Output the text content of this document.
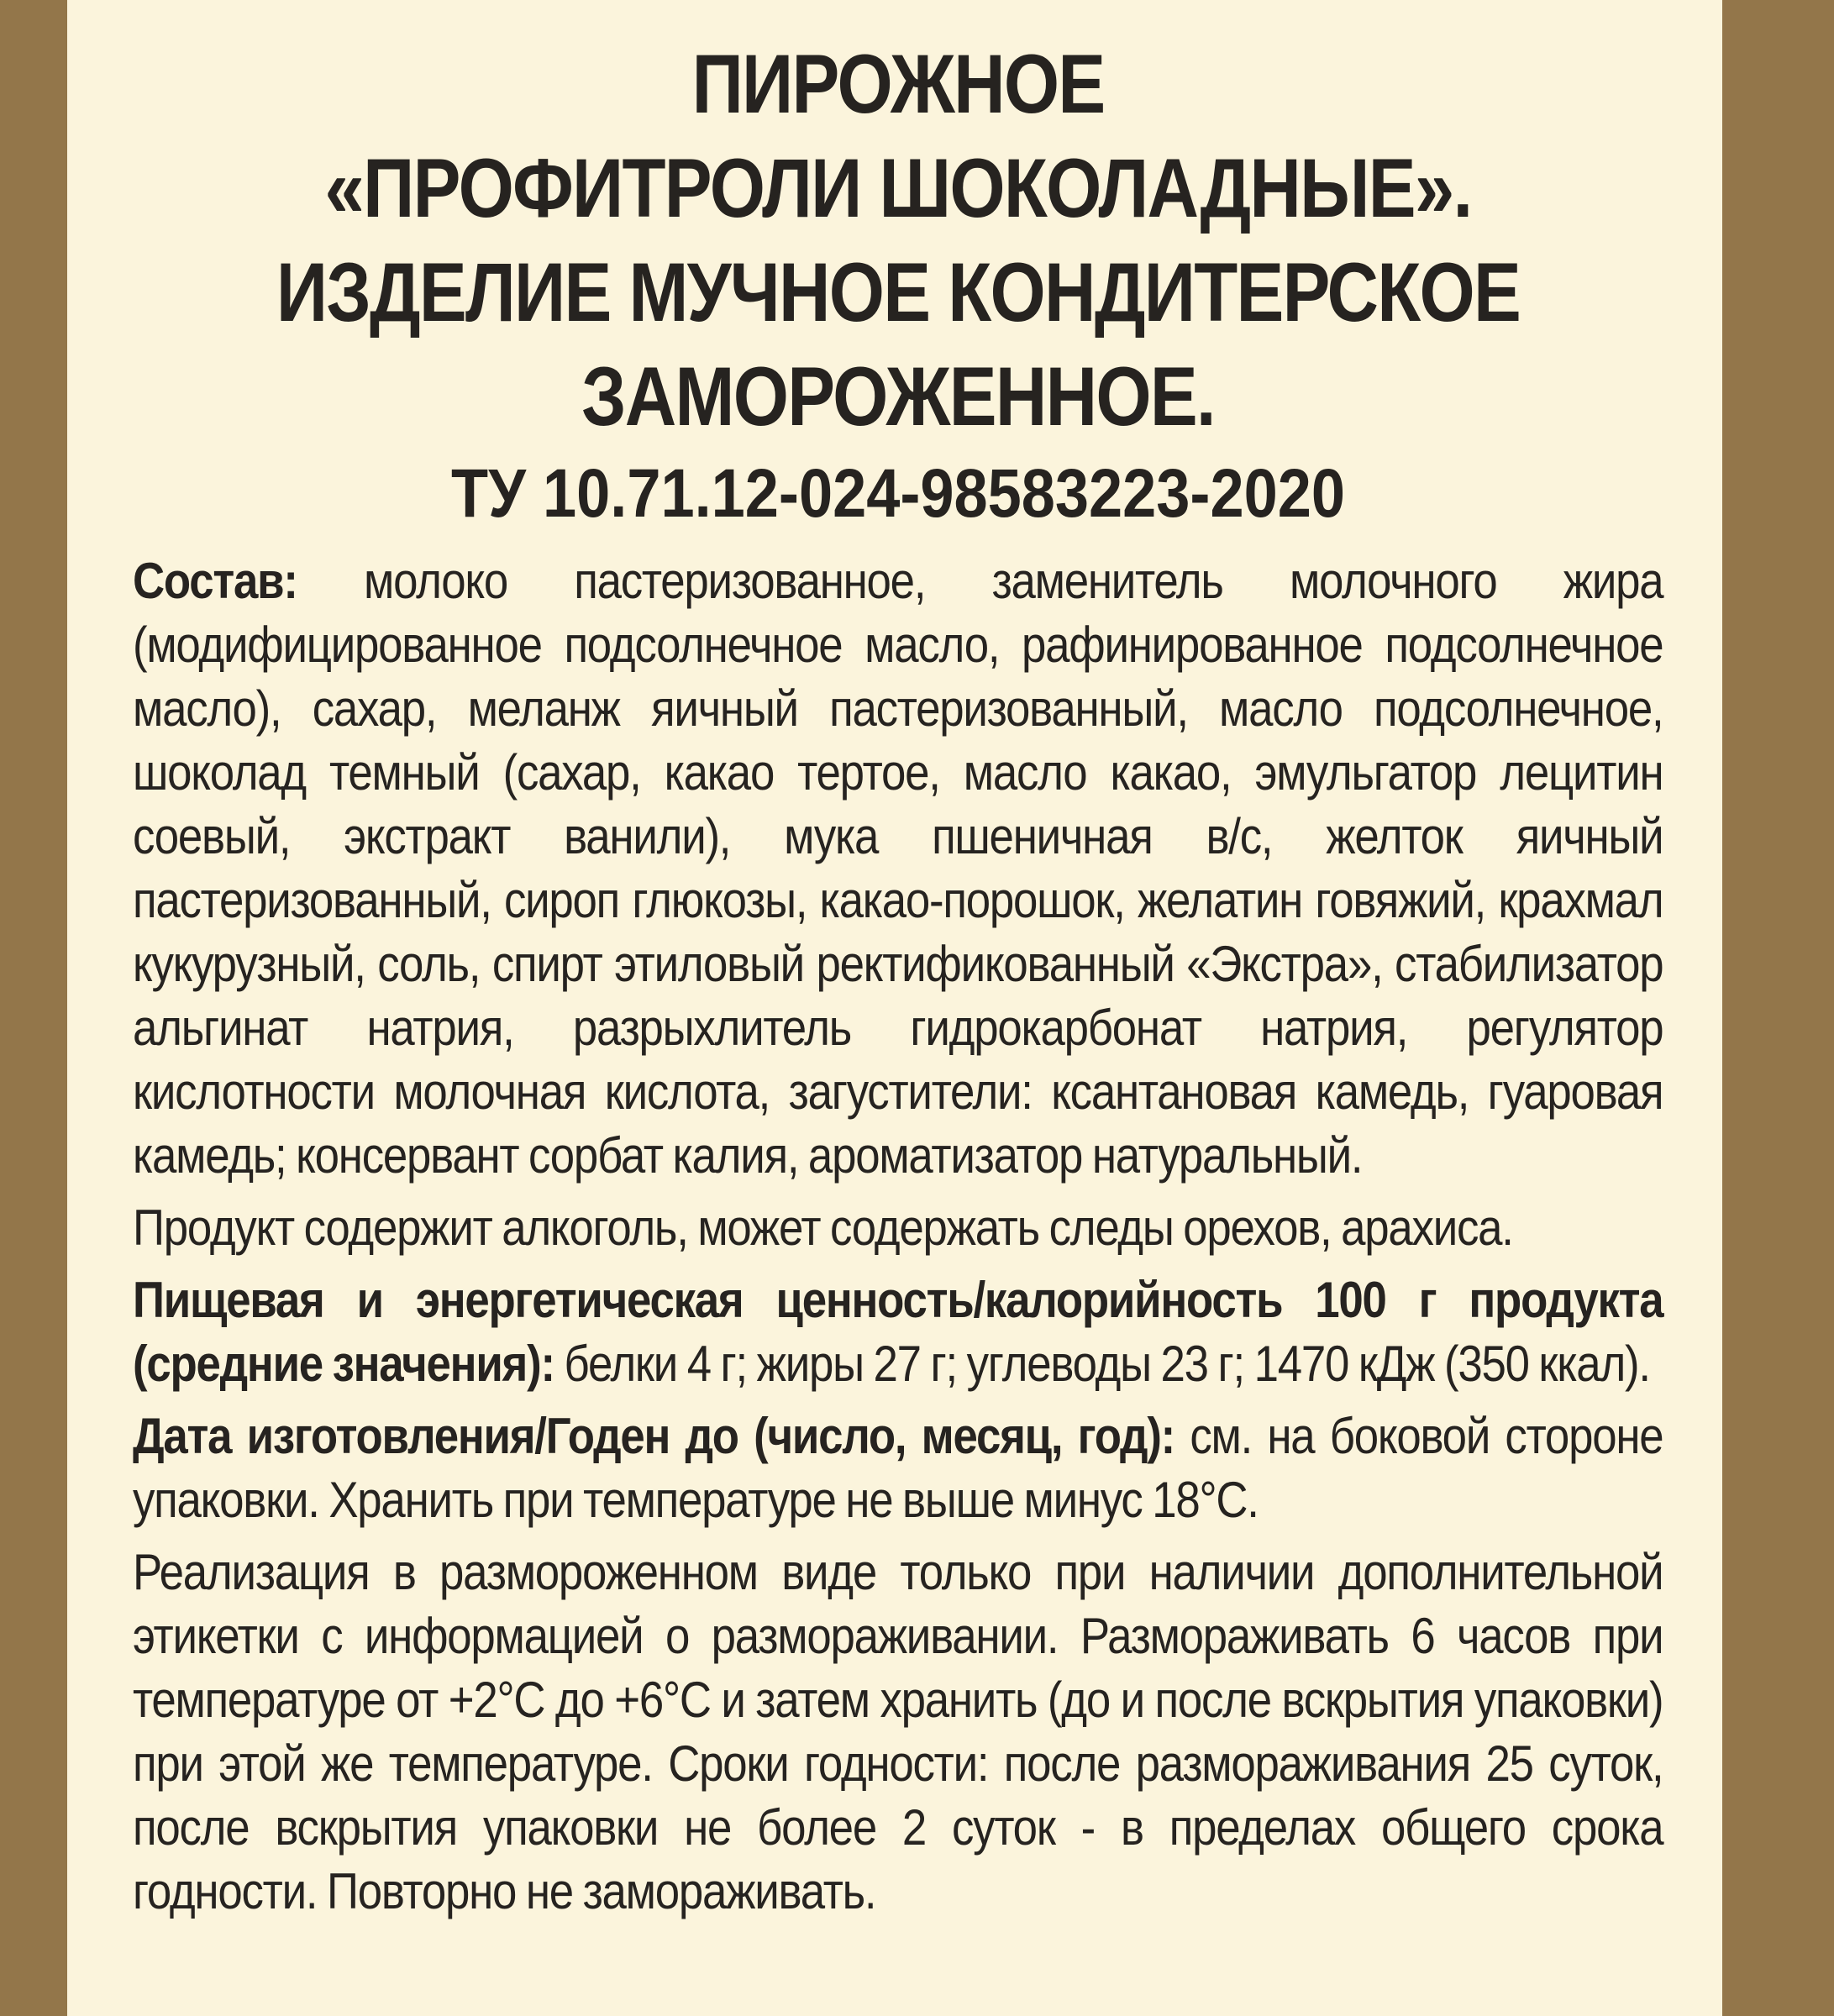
ПИРОЖНОЕ
«ПРОФИТРОЛИ ШОКОЛАДНЫЕ».
ИЗДЕЛИЕ МУЧНОЕ КОНДИТЕРСКОЕ
ЗАМОРОЖЕННОЕ.
ТУ 10.71.12-024-98583223-2020

Состав: молоко пастеризованное, заменитель молочного жира (модифицированное подсолнечное масло, рафинированное подсолнечное масло), сахар, меланж яичный пастеризованный, масло подсолнечное, шоколад темный (сахар, какао тертое, масло какао, эмульгатор лецитин соевый, экстракт ванили), мука пшеничная в/с, желток яичный пастеризованный, сироп глюкозы, какао-порошок, желатин говяжий, крахмал кукурузный, соль, спирт этиловый ректификованный «Экстра», стабилизатор альгинат натрия, разрыхлитель гидрокарбонат натрия, регулятор кислотности молочная кислота, загустители: ксантановая камедь, гуаровая камедь; консервант сорбат калия, ароматизатор натуральный.

Продукт содержит алкоголь, может содержать следы орехов, арахиса.

Пищевая и энергетическая ценность/калорийность 100 г продукта (средние значения): белки 4 г; жиры 27 г; углеводы 23 г; 1470 кДж (350 ккал).

Дата изготовления/Годен до (число, месяц, год): см. на боковой стороне упаковки. Хранить при температуре не выше минус 18°С.

Реализация в размороженном виде только при наличии дополнительной этикетки с информацией о размораживании. Размораживать 6 часов при температуре от +2°С до +6°С и затем хранить (до и после вскрытия упаковки) при этой же температуре. Сроки годности: после размораживания 25 суток, после вскрытия упаковки не более 2 суток - в пределах общего срока годности. Повторно не замораживать.
